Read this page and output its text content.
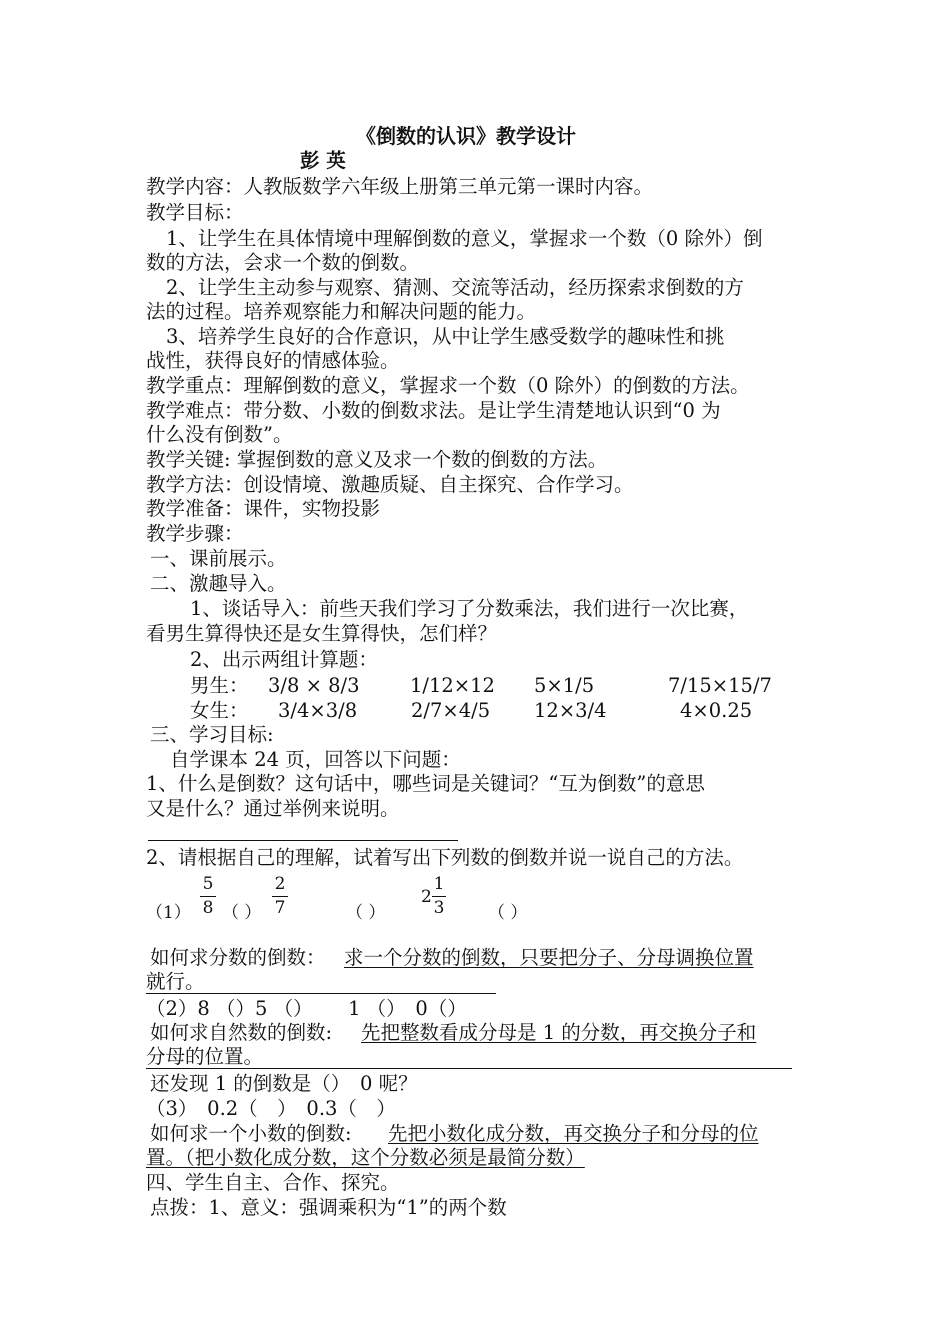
《倒数的认识》教学设计
彭 英
教学内容：人教版数学六年级上册第三单元第一课时内容。
教学目标：
1、让学生在具体情境中理解倒数的意义，掌握求一个数（0 除外）倒
数的方法，会求一个数的倒数。
2、让学生主动参与观察、猜测、交流等活动，经历探索求倒数的方
法的过程。培养观察能力和解决问题的能力。
3、培养学生良好的合作意识，从中让学生感受数学的趣味性和挑
战性，获得良好的情感体验。
教学重点：理解倒数的意义，掌握求一个数（0 除外）的倒数的方法。
教学难点：带分数、小数的倒数求法。是让学生清楚地认识到“0 为
什么没有倒数”。
教学关键: 掌握倒数的意义及求一个数的倒数的方法。
教学方法：创设情境、激趣质疑、自主探究、合作学习。
教学准备：课件，实物投影
教学步骤：
一、课前展示。
二、激趣导入。
1、谈话导入：前些天我们学习了分数乘法，我们进行一次比赛，
看男生算得快还是女生算得快，怎们样？
2、出示两组计算题：
男生： 3/8 × 8/3	1/12×12 5×1/5	7/15×15/7
女生： 3/4×3/8	2/7×4/5 12×3/4	4×0.25
三、学习目标:
自学课本 24 页，回答以下问题：
1、什么是倒数？这句话中，哪些词是关键词？“互为倒数”的意思
又是什么？通过举例来说明。
2、请根据自己的理解，试着写出下列数的倒数并说一说自己的方法。
5
8
2
7
2
1
3
（1） （ ）	（ ）	（ ）
如何求分数的倒数： 求一个分数的倒数，只要把分子、分母调换位置
就行。
（2）8 （）5 （）　　 1 （）　0（）
如何求自然数的倒数: 先把整数看成分母是 1 的分数，再交换分子和
分母的位置。
还发现 1 的倒数是（）　0 呢？
（3）　0.2（　）　0.3（　）
如何求一个小数的倒数: 先把小数化成分数，再交换分子和分母的位
置。（把小数化成分数，这个分数必须是最简分数）
四、学生自主、合作、探究。
点拨：1、意义：强调乘积为“1”的两个数
